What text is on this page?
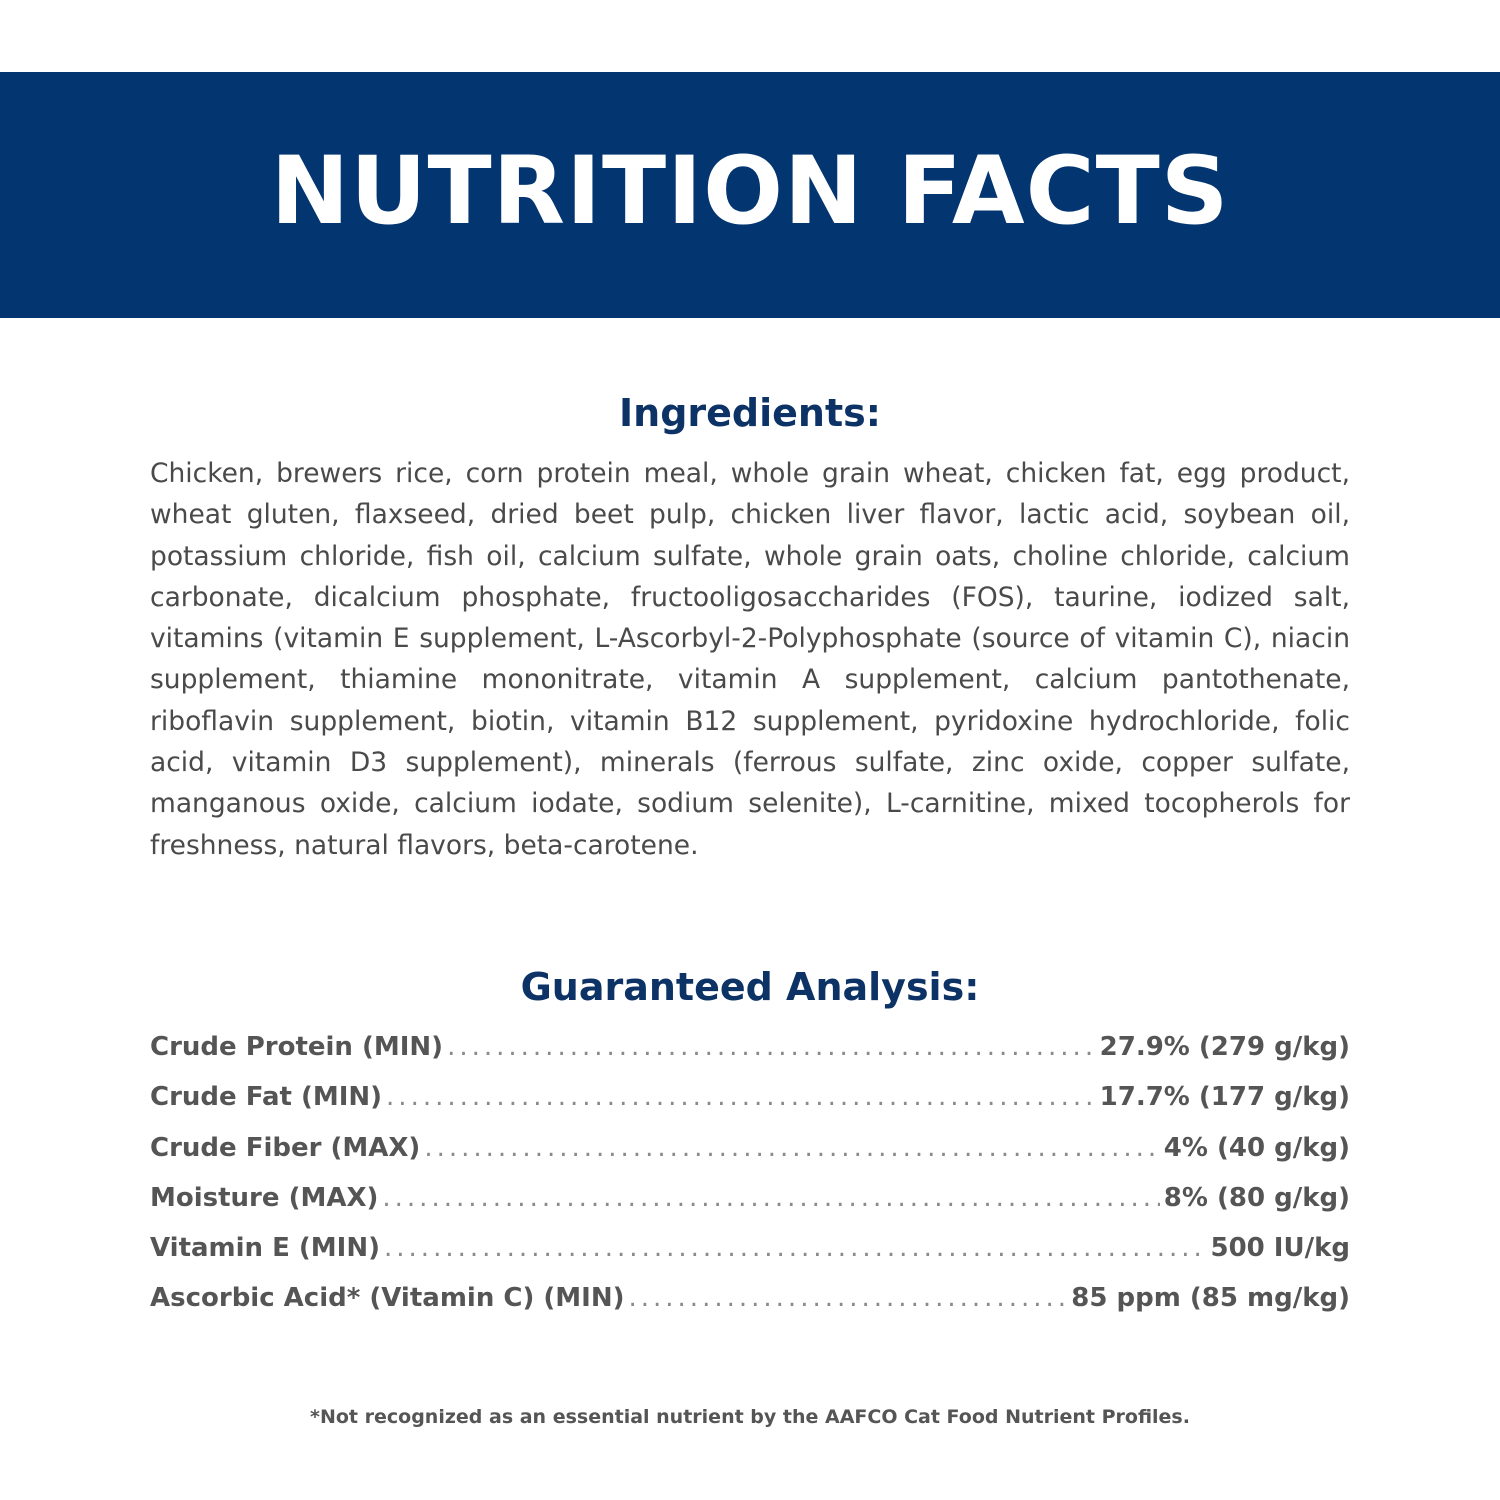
NUTRITION FACTS
Ingredients:

Chicken, brewers rice, corn protein meal, whole grain wheat, chicken fat, egg product, wheat gluten, flaxseed, dried beet pulp, chicken liver flavor, lactic acid, soybean oil, potassium chloride, fish oil, calcium sulfate, whole grain oats, choline chloride, calcium carbonate, dicalcium phosphate, fructooligosaccharides (FOS), taurine, iodized salt, vitamins (vitamin E supplement, L-Ascorbyl-2-Polyphosphate (source of vitamin C), niacin supplement, thiamine mononitrate, vitamin A supplement, calcium pantothenate, riboflavin supplement, biotin, vitamin B12 supplement, pyridoxine hydrochloride, folic acid, vitamin D3 supplement), minerals (ferrous sulfate, zinc oxide, copper sulfate, manganous oxide, calcium iodate, sodium selenite), L-carnitine, mixed tocopherols for freshness, natural flavors, beta-carotene.

Guaranteed Analysis:
Crude Protein (MIN) .....	27.9% (279 g/kg)
Crude Fat (MIN) .....	17.7% (177 g/kg)
Crude Fiber (MAX) .....	4% (40 g/kg)
Moisture (MAX) .....	8% (80 g/kg)
Vitamin E (MIN) .....	500 IU/kg
Ascorbic Acid* (Vitamin C) (MIN) .....	85 ppm (85 mg/kg)
*Not recognized as an essential nutrient by the AAFCO Cat Food Nutrient Profiles.
